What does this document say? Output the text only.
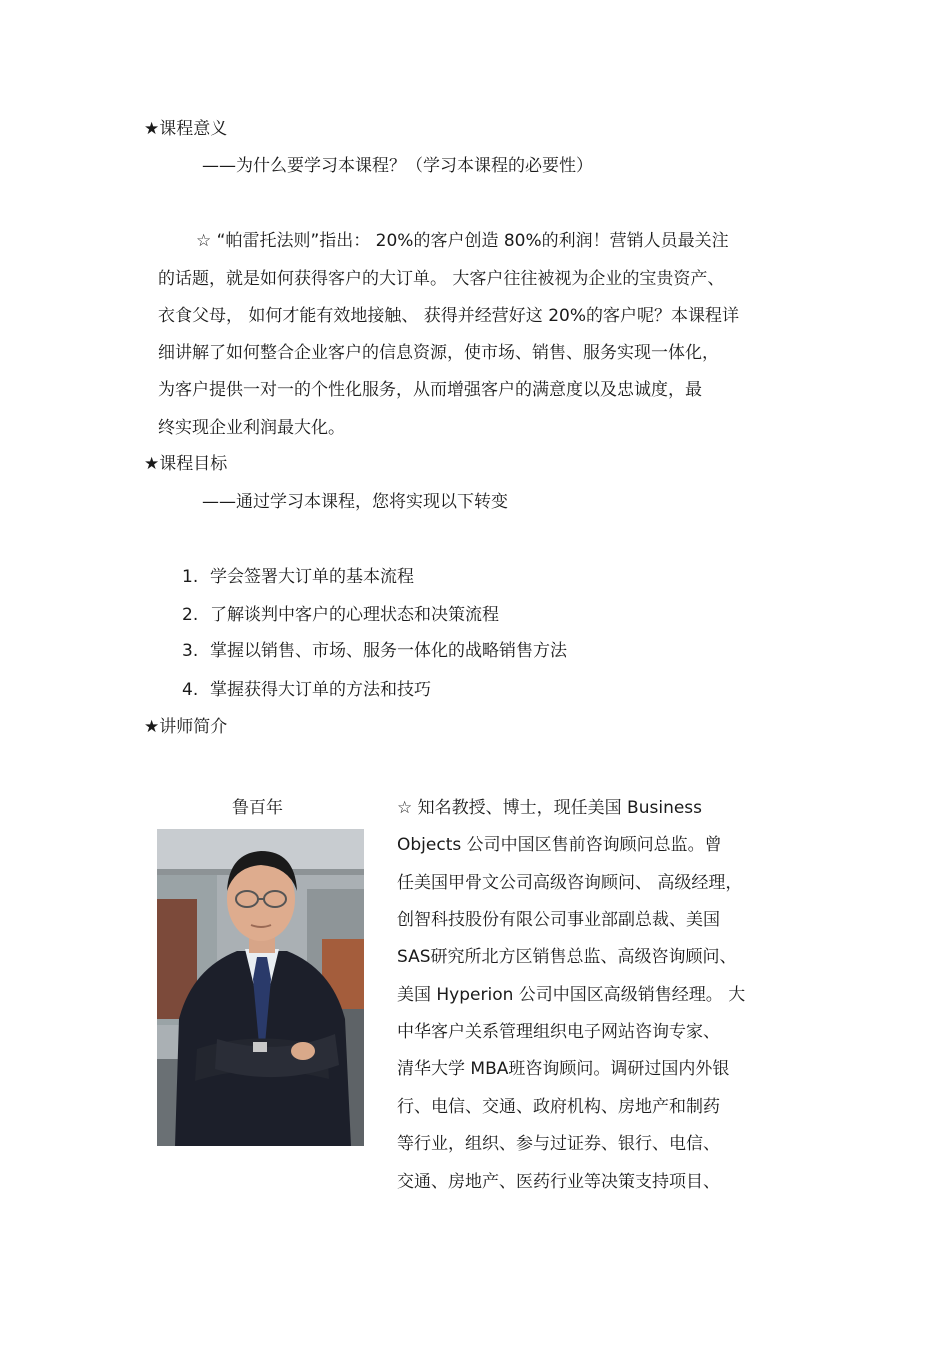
★课程意义
——为什么要学习本课程？（学习本课程的必要性）
☆ “帕雷托法则”指出： 20%的客户创造 80%的利润！营销人员最关注
的话题，就是如何获得客户的大订单。 大客户往往被视为企业的宝贵资产、
衣食父母， 如何才能有效地接触、 获得并经营好这 20%的客户呢？本课程详
细讲解了如何整合企业客户的信息资源，使市场、销售、服务实现一体化，
为客户提供一对一的个性化服务，从而增强客户的满意度以及忠诚度，最
终实现企业利润最大化。
★课程目标
——通过学习本课程，您将实现以下转变
1. 学会签署大订单的基本流程
2. 了解谈判中客户的心理状态和决策流程
3. 掌握以销售、市场、服务一体化的战略销售方法
4. 掌握获得大订单的方法和技巧
★讲师简介
鲁百年	☆ 知名教授、博士，现任美国 Business
Objects 公司中国区售前咨询顾问总监。曾
任美国甲骨文公司高级咨询顾问、 高级经理，
创智科技股份有限公司事业部副总裁、美国
SAS研究所北方区销售总监、高级咨询顾问、
美国 Hyperion 公司中国区高级销售经理。 大
中华客户关系管理组织电子网站咨询专家、
清华大学 MBA班咨询顾问。调研过国内外银
行、电信、交通、政府机构、房地产和制药
等行业，组织、参与过证券、银行、电信、
交通、房地产、医药行业等决策支持项目、
